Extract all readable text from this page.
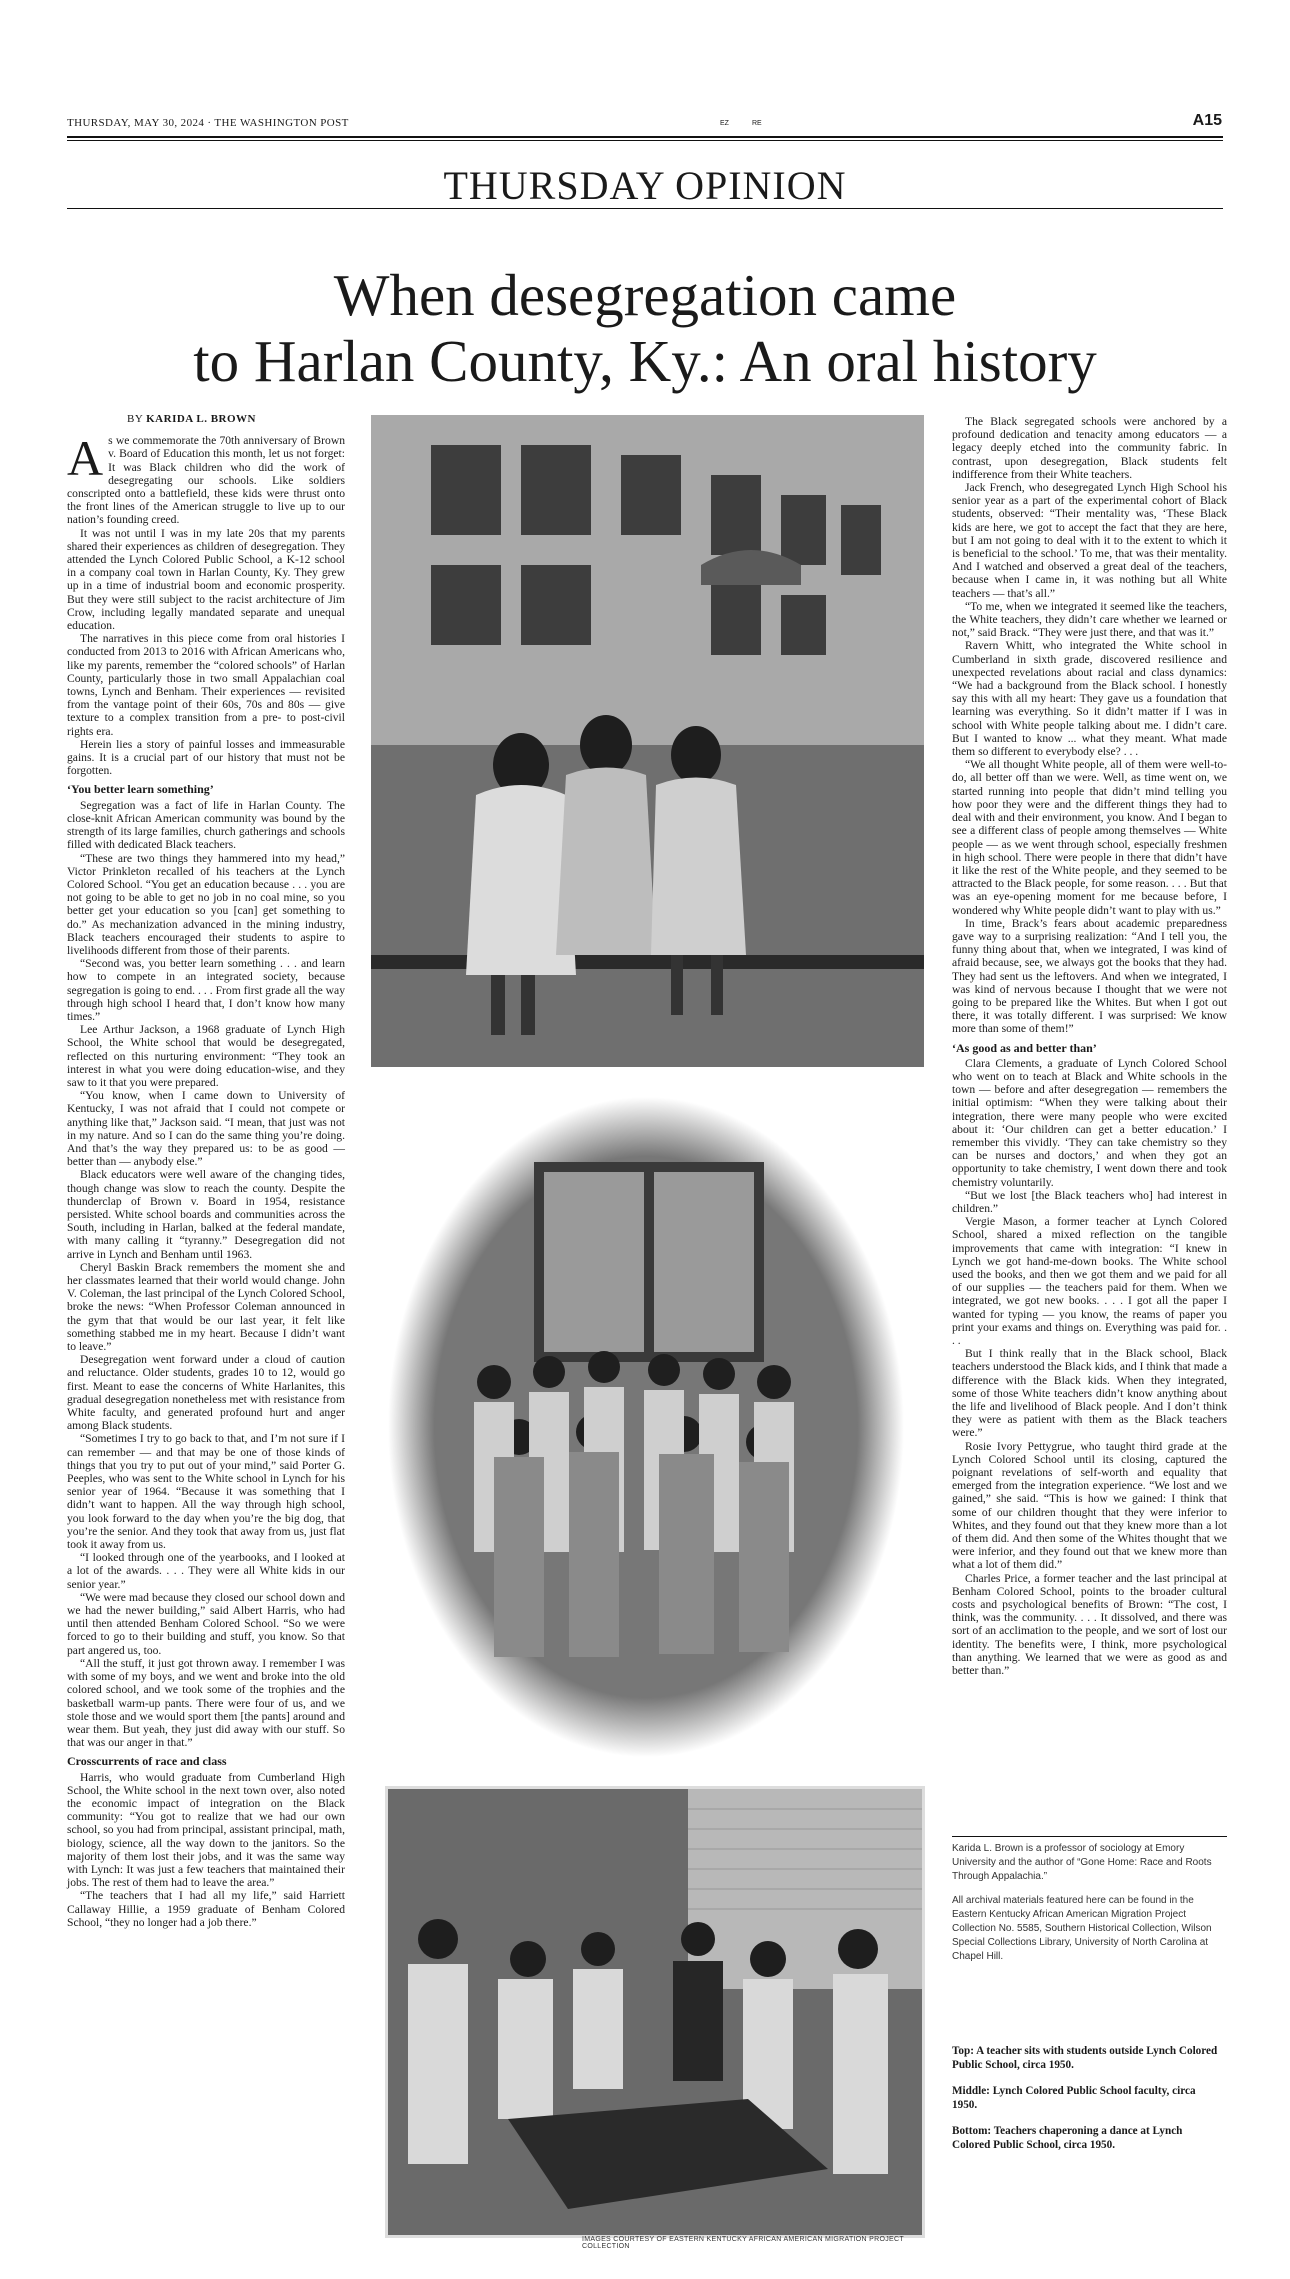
THURSDAY, MAY 30, 2024 · THE WASHINGTON POST	EZ	RE	A15
THURSDAY OPINION
When desegregation came
to Harlan County, Ky.: An oral history
BY KARIDA L. BROWN
A s we commemorate the 70th anniversary of Brown v. Board of Education this month, let us not forget: It was Black children who did the work of desegregating our schools. Like soldiers conscripted onto a battlefield, these kids were thrust onto the front lines of the American struggle to live up to our nation’s founding creed.

It was not until I was in my late 20s that my parents shared their experiences as children of desegregation. They attended the Lynch Colored Public School, a K-12 school in a company coal town in Harlan County, Ky. They grew up in a time of industrial boom and economic prosperity. But they were still subject to the racist architecture of Jim Crow, including legally mandated separate and unequal education.

The narratives in this piece come from oral histories I conducted from 2013 to 2016 with African Americans who, like my parents, remember the “colored schools” of Harlan County, particularly those in two small Appalachian coal towns, Lynch and Benham. Their experiences — revisited from the vantage point of their 60s, 70s and 80s — give texture to a complex transition from a pre- to post-civil rights era.

Herein lies a story of painful losses and immeasurable gains. It is a crucial part of our history that must not be forgotten.

‘You better learn something’

Segregation was a fact of life in Harlan County. The close-knit African American community was bound by the strength of its large families, church gatherings and schools filled with dedicated Black teachers.

“These are two things they hammered into my head,” Victor Prinkleton recalled of his teachers at the Lynch Colored School. “You get an education because . . . you are not going to be able to get no job in no coal mine, so you better get your education so you [can] get something to do.” As mechanization advanced in the mining industry, Black teachers encouraged their students to aspire to livelihoods different from those of their parents.

“Second was, you better learn something . . . and learn how to compete in an integrated society, because segregation is going to end. . . . From first grade all the way through high school I heard that, I don’t know how many times.”

Lee Arthur Jackson, a 1968 graduate of Lynch High School, the White school that would be desegregated, reflected on this nurturing environment: “They took an interest in what you were doing education-wise, and they saw to it that you were prepared.

“You know, when I came down to University of Kentucky, I was not afraid that I could not compete or anything like that,” Jackson said. “I mean, that just was not in my nature. And so I can do the same thing you’re doing. And that’s the way they prepared us: to be as good — better than — anybody else.”

Black educators were well aware of the changing tides, though change was slow to reach the county. Despite the thunderclap of Brown v. Board in 1954, resistance persisted. White school boards and communities across the South, including in Harlan, balked at the federal mandate, with many calling it “tyranny.” Desegregation did not arrive in Lynch and Benham until 1963.

Cheryl Baskin Brack remembers the moment she and her classmates learned that their world would change. John V. Coleman, the last principal of the Lynch Colored School, broke the news: “When Professor Coleman announced in the gym that that would be our last year, it felt like something stabbed me in my heart. Because I didn’t want to leave.”

Desegregation went forward under a cloud of caution and reluctance. Older students, grades 10 to 12, would go first. Meant to ease the concerns of White Harlanites, this gradual desegregation nonetheless met with resistance from White faculty, and generated profound hurt and anger among Black students.

“Sometimes I try to go back to that, and I’m not sure if I can remember — and that may be one of those kinds of things that you try to put out of your mind,” said Porter G. Peeples, who was sent to the White school in Lynch for his senior year of 1964. “Because it was something that I didn’t want to happen. All the way through high school, you look forward to the day when you’re the big dog, that you’re the senior. And they took that away from us, just flat took it away from us.

“I looked through one of the yearbooks, and I looked at a lot of the awards. . . . They were all White kids in our senior year.”

“We were mad because they closed our school down and we had the newer building,” said Albert Harris, who had until then attended Benham Colored School. “So we were forced to go to their building and stuff, you know. So that part angered us, too.

“All the stuff, it just got thrown away. I remember I was with some of my boys, and we went and broke into the old colored school, and we took some of the trophies and the basketball warm-up pants. There were four of us, and we stole those and we would sport them [the pants] around and wear them. But yeah, they just did away with our stuff. So that was our anger in that.”

Crosscurrents of race and class

Harris, who would graduate from Cumberland High School, the White school in the next town over, also noted the economic impact of integration on the Black community: “You got to realize that we had our own school, so you had from principal, assistant principal, math, biology, science, all the way down to the janitors. So the majority of them lost their jobs, and it was the same way with Lynch: It was just a few teachers that maintained their jobs. The rest of them had to leave the area.”

“The teachers that I had all my life,” said Harriett Callaway Hillie, a 1959 graduate of Benham Colored School, “they no longer had a job there.”

IMAGES COURTESY OF EASTERN KENTUCKY AFRICAN AMERICAN MIGRATION PROJECT COLLECTION

The Black segregated schools were anchored by a profound dedication and tenacity among educators — a legacy deeply etched into the community fabric. In contrast, upon desegregation, Black students felt indifference from their White teachers.

Jack French, who desegregated Lynch High School his senior year as a part of the experimental cohort of Black students, observed: “Their mentality was, ‘These Black kids are here, we got to accept the fact that they are here, but I am not going to deal with it to the extent to which it is beneficial to the school.’ To me, that was their mentality. And I watched and observed a great deal of the teachers, because when I came in, it was nothing but all White teachers — that’s all.”

“To me, when we integrated it seemed like the teachers, the White teachers, they didn’t care whether we learned or not,” said Brack. “They were just there, and that was it.”

Ravern Whitt, who integrated the White school in Cumberland in sixth grade, discovered resilience and unexpected revelations about racial and class dynamics: “We had a background from the Black school. I honestly say this with all my heart: They gave us a foundation that learning was everything. So it didn’t matter if I was in school with White people talking about me. I didn’t care. But I wanted to know ... what they meant. What made them so different to everybody else? . . .

“We all thought White people, all of them were well-to-do, all better off than we were. Well, as time went on, we started running into people that didn’t mind telling you how poor they were and the different things they had to deal with and their environment, you know. And I began to see a different class of people among themselves — White people — as we went through school, especially freshmen in high school. There were people in there that didn’t have it like the rest of the White people, and they seemed to be attracted to the Black people, for some reason. . . . But that was an eye-opening moment for me because before, I wondered why White people didn’t want to play with us.”

In time, Brack’s fears about academic preparedness gave way to a surprising realization: “And I tell you, the funny thing about that, when we integrated, I was kind of afraid because, see, we always got the books that they had. They had sent us the leftovers. And when we integrated, I was kind of nervous because I thought that we were not going to be prepared like the Whites. But when I got out there, it was totally different. I was surprised: We know more than some of them!”

‘As good as and better than’

Clara Clements, a graduate of Lynch Colored School who went on to teach at Black and White schools in the town — before and after desegregation — remembers the initial optimism: “When they were talking about their integration, there were many people who were excited about it: ‘Our children can get a better education.’ I remember this vividly. ‘They can take chemistry so they can be nurses and doctors,’ and when they got an opportunity to take chemistry, I went down there and took chemistry voluntarily.

“But we lost [the Black teachers who] had interest in children.”

Vergie Mason, a former teacher at Lynch Colored School, shared a mixed reflection on the tangible improvements that came with integration: “I knew in Lynch we got hand-me-down books. The White school used the books, and then we got them and we paid for all of our supplies — the teachers paid for them. When we integrated, we got new books. . . . I got all the paper I wanted for typing — you know, the reams of paper you print your exams and things on. Everything was paid for. . . .

But I think really that in the Black school, Black teachers understood the Black kids, and I think that made a difference with the Black kids. When they integrated, some of those White teachers didn’t know anything about the life and livelihood of Black people. And I don’t think they were as patient with them as the Black teachers were.”

Rosie Ivory Pettygrue, who taught third grade at the Lynch Colored School until its closing, captured the poignant revelations of self-worth and equality that emerged from the integration experience. “We lost and we gained,” she said. “This is how we gained: I think that some of our children thought that they were inferior to Whites, and they found out that they knew more than a lot of them did. And then some of the Whites thought that we were inferior, and they found out that we knew more than what a lot of them did.”

Charles Price, a former teacher and the last principal at Benham Colored School, points to the broader cultural costs and psychological benefits of Brown: “The cost, I think, was the community. . . . It dissolved, and there was sort of an acclimation to the people, and we sort of lost our identity. The benefits were, I think, more psychological than anything. We learned that we were as good as and better than.”

Karida L. Brown is a professor of sociology at Emory University and the author of “Gone Home: Race and Roots Through Appalachia.”
All archival materials featured here can be found in the Eastern Kentucky African American Migration Project Collection No. 5585, Southern Historical Collection, Wilson Special Collections Library, University of North Carolina at Chapel Hill.

Top: A teacher sits with students outside Lynch Colored Public School, circa 1950.

Middle: Lynch Colored Public School faculty, circa 1950.

Bottom: Teachers chaperoning a dance at Lynch Colored Public School, circa 1950.
